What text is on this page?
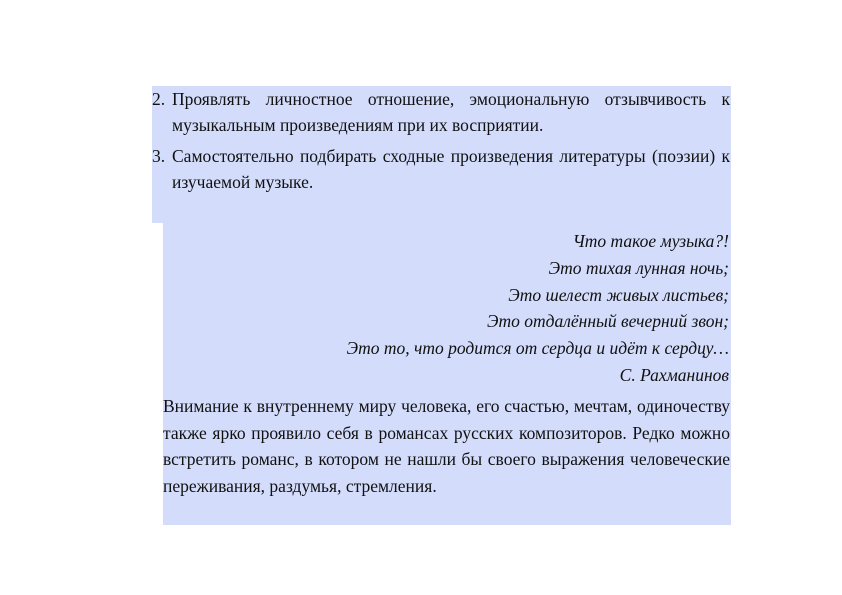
2. Проявлять личностное отношение, эмоциональную отзывчивость к музыкальным произведениям при их восприятии.
3. Самостоятельно подбирать сходные произведения литературы (поэзии) к изучаемой музыке.
Что такое музыка?!
Это тихая лунная ночь;
Это шелест живых листьев;
Это отдалённый вечерний звон;
Это то, что родится от сердца и идёт к сердцу…
С. Рахманинов
Внимание к внутреннему миру человека, его счастью, мечтам, одиночеству также ярко проявило себя в романсах русских композиторов. Редко можно встретить романс, в котором не нашли бы своего выражения человеческие переживания, раздумья, стремления.
